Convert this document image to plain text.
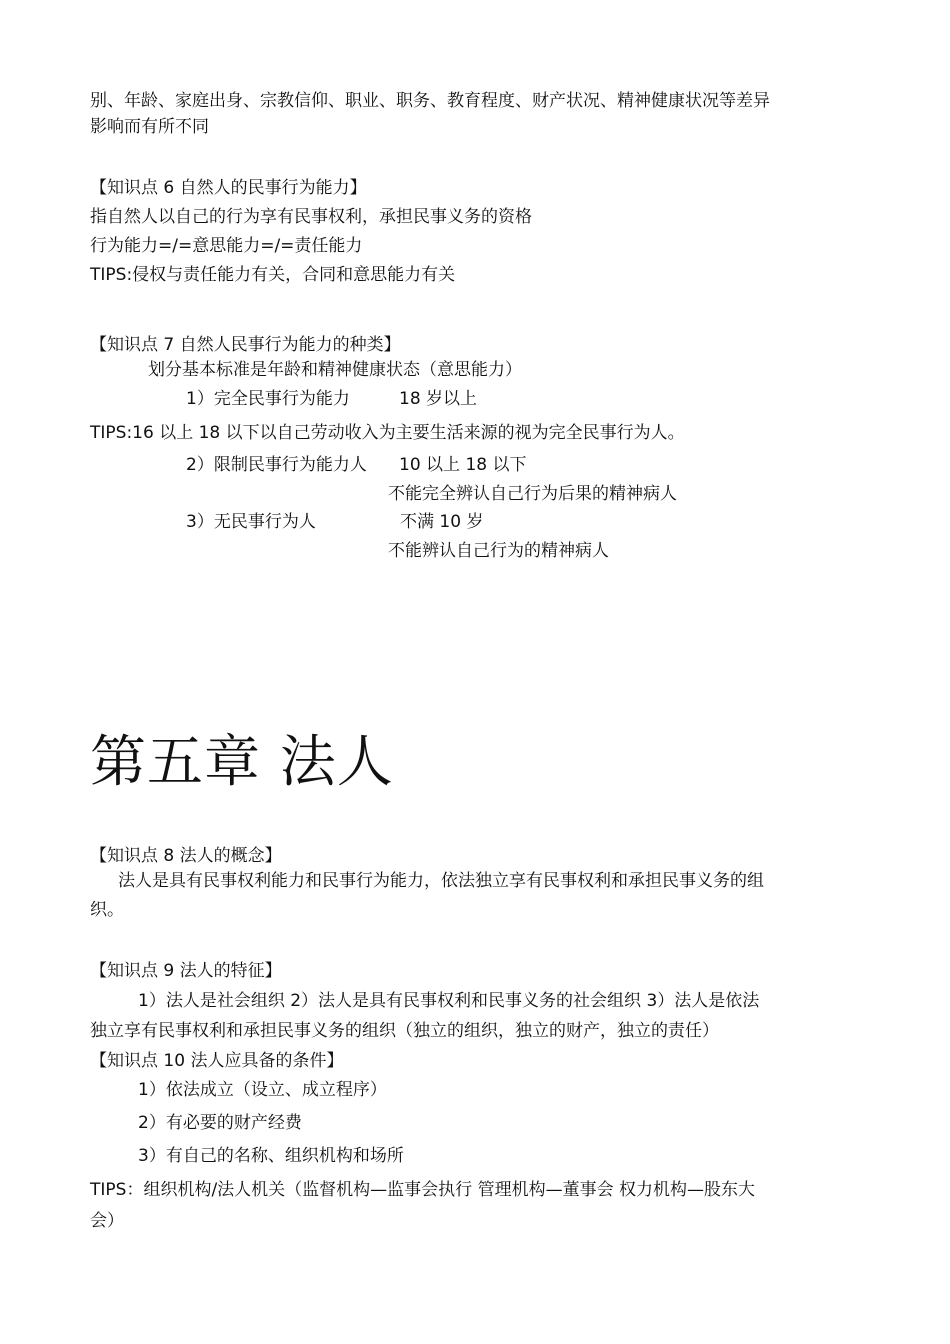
别、年龄、家庭出身、宗教信仰、职业、职务、教育程度、财产状况、精神健康状况等差异
影响而有所不同
【知识点 6 自然人的民事行为能力】
指自然人以自己的行为享有民事权利，承担民事义务的资格
行为能力=/=意思能力=/=责任能力
TIPS:侵权与责任能力有关，合同和意思能力有关
【知识点 7 自然人民事行为能力的种类】
划分基本标准是年龄和精神健康状态（意思能力）
1）完全民事行为能力	18 岁以上
TIPS:16 以上 18 以下以自己劳动收入为主要生活来源的视为完全民事行为人。
2）限制民事行为能力人 10 以上 18 以下
不能完全辨认自己行为后果的精神病人
3）无民事行为人	不满 10 岁
不能辨认自己行为的精神病人
第五章 法人
【知识点 8 法人的概念】
法人是具有民事权利能力和民事行为能力，依法独立享有民事权利和承担民事义务的组
织。
【知识点 9 法人的特征】
1）法人是社会组织 2）法人是具有民事权利和民事义务的社会组织 3）法人是依法
独立享有民事权利和承担民事义务的组织（独立的组织，独立的财产，独立的责任）
【知识点 10 法人应具备的条件】
1）依法成立（设立、成立程序）
2）有必要的财产经费
3）有自己的名称、组织机构和场所
TIPS：组织机构/法人机关（监督机构—监事会执行 管理机构—董事会 权力机构—股东大
会）
